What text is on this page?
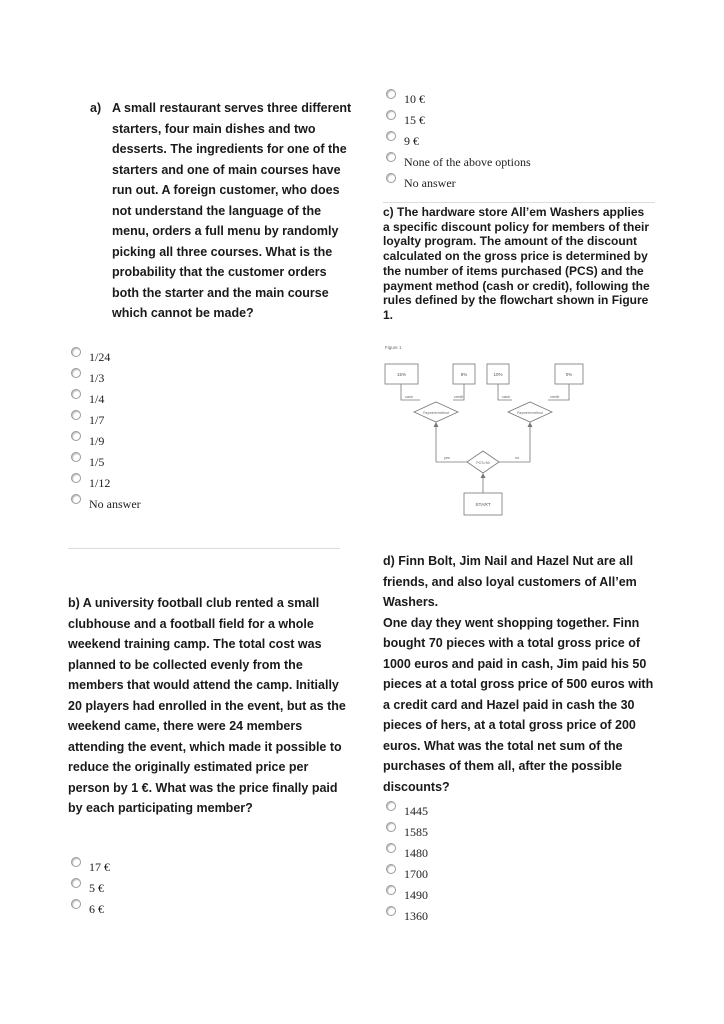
a) A small restaurant serves three different starters, four main dishes and two desserts. The ingredients for one of the starters and one of main courses have run out. A foreign customer, who does not understand the language of the menu, orders a full menu by randomly picking all three courses. What is the probability that the customer orders both the starter and the main course which cannot be made?

1/24
1/3
1/4
1/7
1/9
1/5
1/12
No answer

b) A university football club rented a small clubhouse and a football field for a whole weekend training camp. The total cost was planned to be collected evenly from the members that would attend the camp. Initially 20 players had enrolled in the event, but as the weekend came, there were 24 members attending the event, which made it possible to reduce the originally estimated price per person by 1 €. What was the price finally paid by each participating member?

17 €
5 €
6 €
10 €
15 €
9 €
None of the above options
No answer

c) The hardware store All’em Washers applies a specific discount policy for members of their loyalty program. The amount of the discount calculated on the gross price is determined by the number of items purchased (PCS) and the payment method (cash or credit), following the rules defined by the flowchart shown in Figure 1.

Figure 1
15%	8%	10%	0%
cash	credit	cash	credit
Payment method	Payment method
yes	no
PCS>50
START

d) Finn Bolt, Jim Nail and Hazel Nut are all friends, and also loyal customers of All’em Washers.

One day they went shopping together. Finn bought 70 pieces with a total gross price of 1000 euros and paid in cash, Jim paid his 50 pieces at a total gross price of 500 euros with a credit card and Hazel paid in cash the 30 pieces of hers, at a total gross price of 200 euros. What was the total net sum of the purchases of them all, after the possible discounts?

1445
1585
1480
1700
1490
1360
